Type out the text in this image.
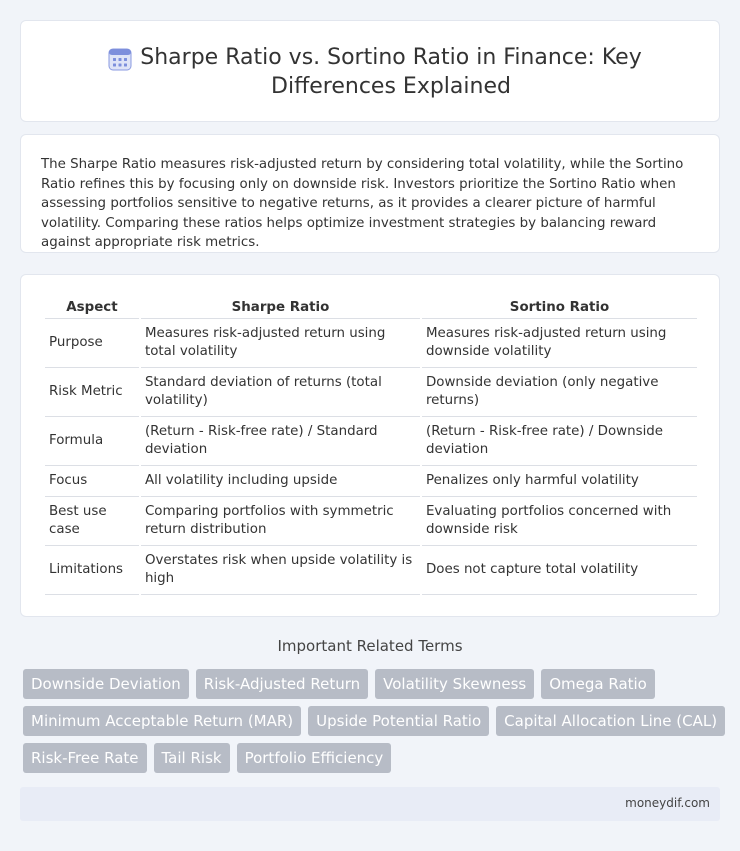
Sharpe Ratio vs. Sortino Ratio in Finance: Key Differences Explained

The Sharpe Ratio measures risk-adjusted return by considering total volatility, while the Sortino Ratio refines this by focusing only on downside risk. Investors prioritize the Sortino Ratio when assessing portfolios sensitive to negative returns, as it provides a clearer picture of harmful volatility. Comparing these ratios helps optimize investment strategies by balancing reward against appropriate risk metrics.

Aspect	Sharpe Ratio	Sortino Ratio
Purpose	Measures risk-adjusted return using total volatility	Measures risk-adjusted return using downside volatility
Risk Metric	Standard deviation of returns (total volatility)	Downside deviation (only negative returns)
Formula	(Return - Risk-free rate) / Standard deviation	(Return - Risk-free rate) / Downside deviation
Focus	All volatility including upside	Penalizes only harmful volatility
Best use case	Comparing portfolios with symmetric return distribution	Evaluating portfolios concerned with downside risk
Limitations	Overstates risk when upside volatility is high	Does not capture total volatility
Important Related Terms
Downside Deviation	Risk-Adjusted Return	Volatility Skewness	Omega Ratio
Minimum Acceptable Return (MAR)	Upside Potential Ratio	Capital Allocation Line (CAL)
Risk-Free Rate	Tail Risk	Portfolio Efficiency
moneydif.com
